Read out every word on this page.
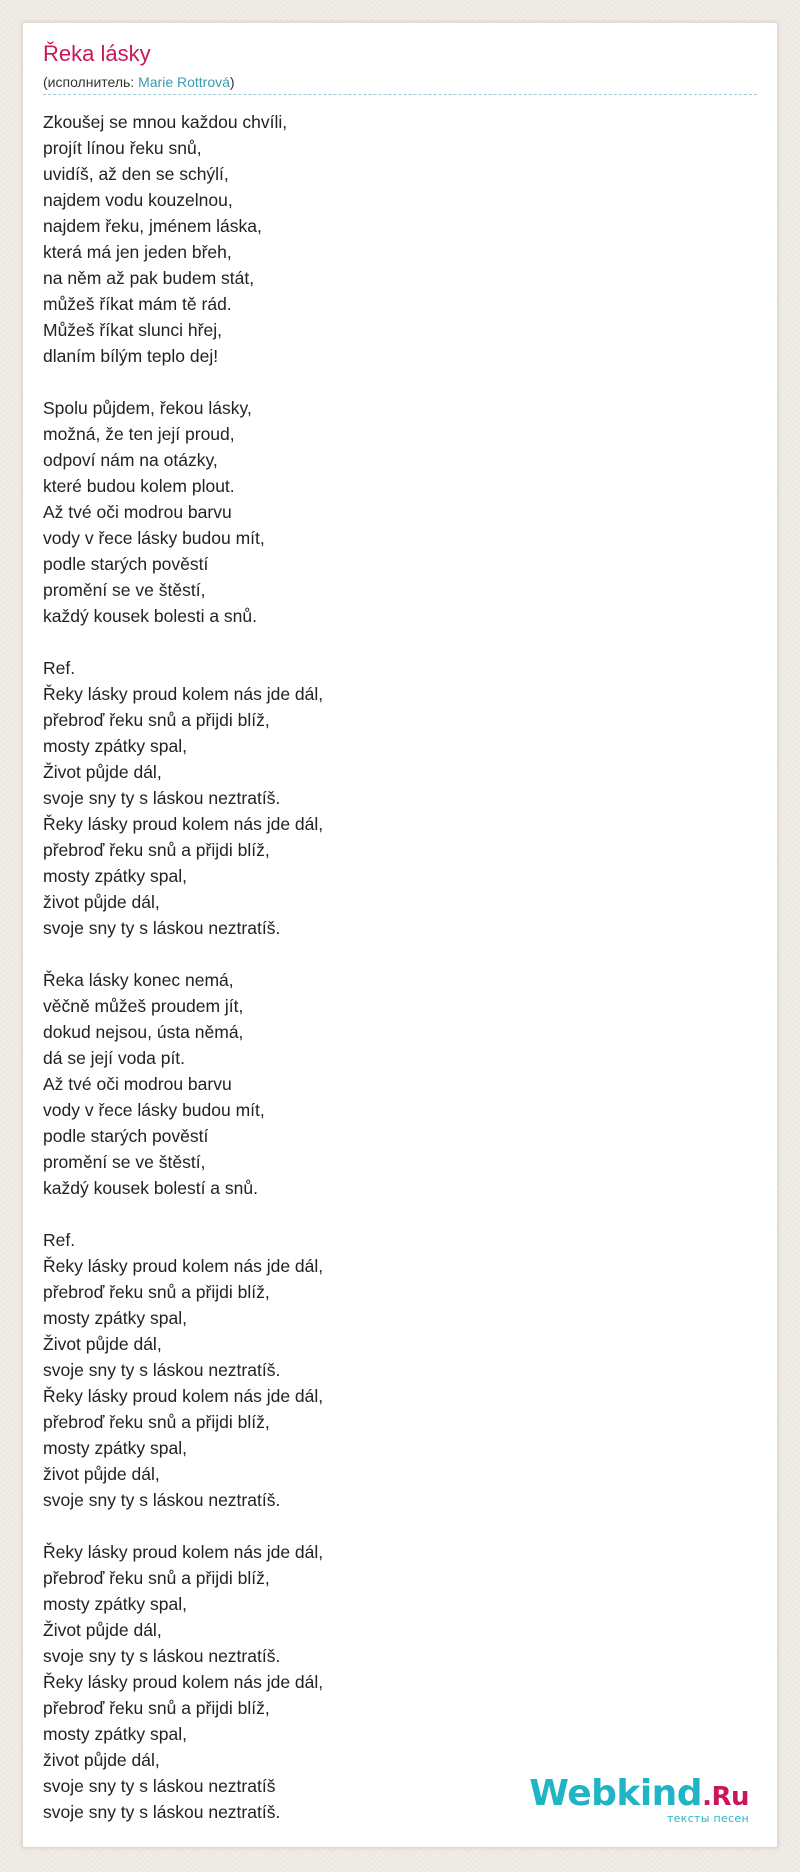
Řeka lásky
(исполнитель: Marie Rottrová)
Zkoušej se mnou každou chvíli,
projít línou řeku snů,
uvidíš, až den se schýlí,
najdem vodu kouzelnou,
najdem řeku, jménem láska,
která má jen jeden břeh,
na něm až pak budem stát,
můžeš říkat mám tě rád.
Můžeš říkat slunci hřej,
dlaním bílým teplo dej!
Spolu půjdem, řekou lásky,
možná, že ten její proud,
odpoví nám na otázky,
které budou kolem plout.
Až tvé oči modrou barvu
vody v řece lásky budou mít,
podle starých pověstí
promění se ve štěstí,
každý kousek bolesti a snů.
Ref.
Řeky lásky proud kolem nás jde dál,
přebroď řeku snů a přijdi blíž,
mosty zpátky spal,
Život půjde dál,
svoje sny ty s láskou neztratíš.
Řeky lásky proud kolem nás jde dál,
přebroď řeku snů a přijdi blíž,
mosty zpátky spal,
život půjde dál,
svoje sny ty s láskou neztratíš.
Řeka lásky konec nemá,
věčně můžeš proudem jít,
dokud nejsou, ústa němá,
dá se její voda pít.
Až tvé oči modrou barvu
vody v řece lásky budou mít,
podle starých pověstí
promění se ve štěstí,
každý kousek bolestí a snů.
Ref.
Řeky lásky proud kolem nás jde dál,
přebroď řeku snů a přijdi blíž,
mosty zpátky spal,
Život půjde dál,
svoje sny ty s láskou neztratíš.
Řeky lásky proud kolem nás jde dál,
přebroď řeku snů a přijdi blíž,
mosty zpátky spal,
život půjde dál,
svoje sny ty s láskou neztratíš.
Řeky lásky proud kolem nás jde dál,
přebroď řeku snů a přijdi blíž,
mosty zpátky spal,
Život půjde dál,
svoje sny ty s láskou neztratíš.
Řeky lásky proud kolem nás jde dál,
přebroď řeku snů a přijdi blíž,
mosty zpátky spal,
život půjde dál,
svoje sny ty s láskou neztratíš
svoje sny ty s láskou neztratíš.	Webkind.Ru
тексты песен
